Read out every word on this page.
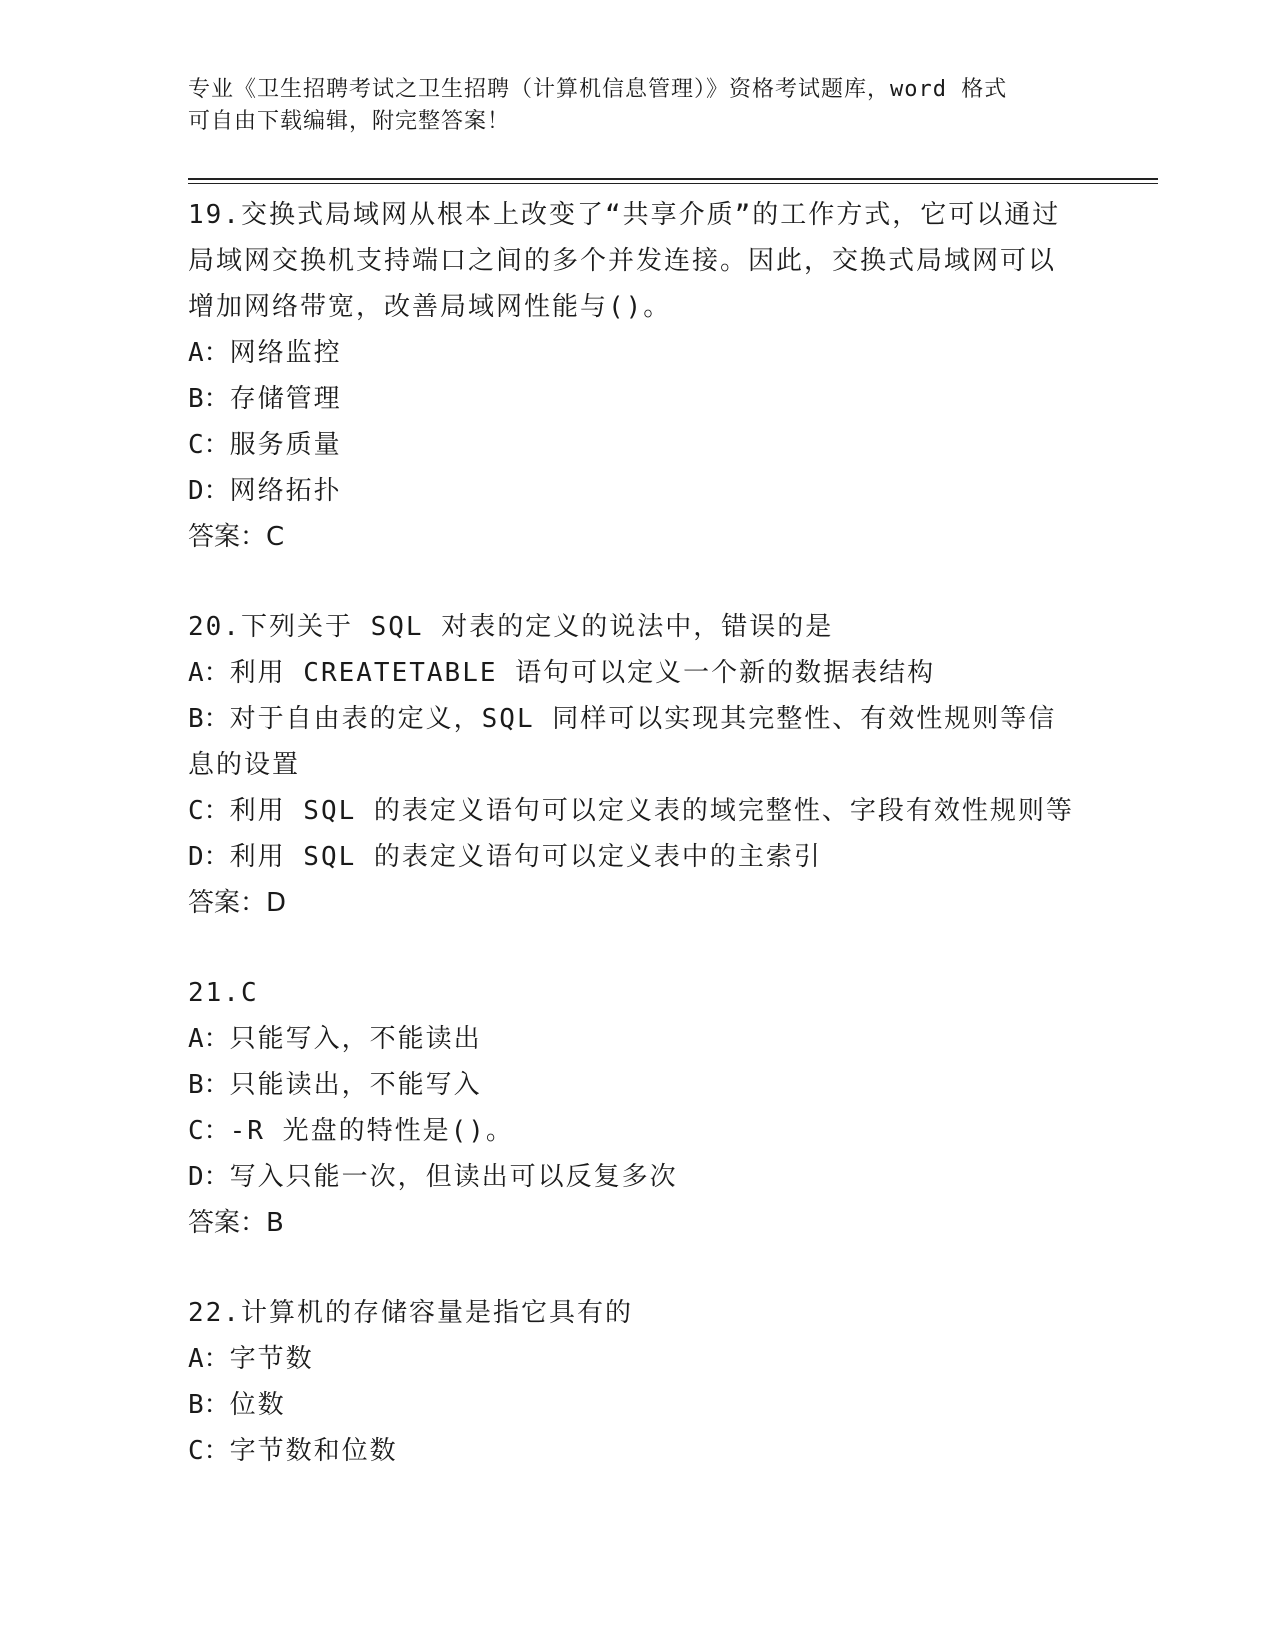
专业《卫生招聘考试之卫生招聘（计算机信息管理）》资格考试题库，word 格式
可自由下载编辑，附完整答案！

19.交换式局域网从根本上改变了“共享介质”的工作方式，它可以通过局域网交换机支持端口之间的多个并发连接。因此，交换式局域网可以增加网络带宽，改善局域网性能与()。

A：网络监控

B：存储管理

C：服务质量

D：网络拓扑

答案：C

20.下列关于 SQL 对表的定义的说法中，错误的是

A：利用 CREATETABLE 语句可以定义一个新的数据表结构

B：对于自由表的定义，SQL 同样可以实现其完整性、有效性规则等信息的设置

C：利用 SQL 的表定义语句可以定义表的域完整性、字段有效性规则等

D：利用 SQL 的表定义语句可以定义表中的主索引

答案：D

21.C

A：只能写入，不能读出

B：只能读出，不能写入

C：-R 光盘的特性是()。

D：写入只能一次，但读出可以反复多次

答案：B

22.计算机的存储容量是指它具有的

A：字节数

B：位数

C：字节数和位数
